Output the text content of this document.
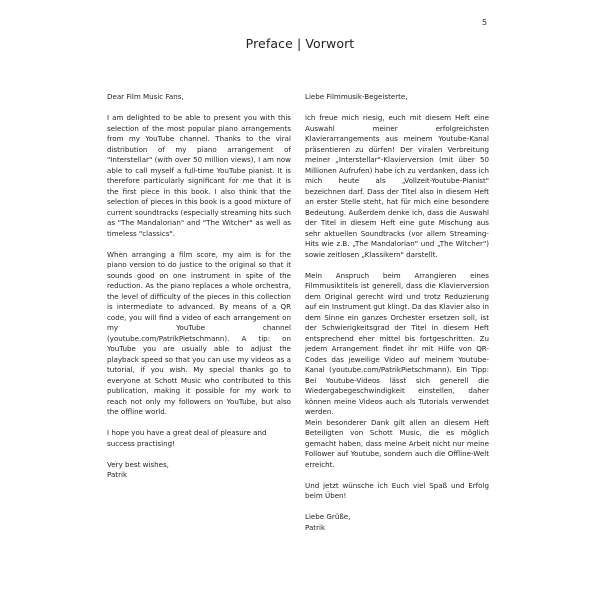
5
Preface | Vorwort

Dear Film Music Fans,

I am delighted to be able to present you with this selection of the most popular piano arrangements from my YouTube channel. Thanks to the viral distribution of my piano arrangement of "Interstellar" (with over 50 million views), I am now able to call myself a full-time YouTube pianist. It is therefore particularly significant for me that it is the first piece in this book. I also think that the selection of pieces in this book is a good mixture of current soundtracks (especially streaming hits such as "The Mandalorian" and "The Witcher" as well as timeless "classics".

When arranging a film score, my aim is for the piano version to do justice to the original so that it sounds good on one instrument in spite of the reduction. As the piano replaces a whole orchestra, the level of difficulty of the pieces in this collection is intermediate to advanced. By means of a QR code, you will find a video of each arrangement on my YouTube channel (youtube.com/PatrikPietschmann). A tip: on YouTube you are usually able to adjust the playback speed so that you can use my videos as a tutorial, if you wish. My special thanks go to everyone at Schott Music who contributed to this publication, making it possible for my work to reach not only my followers on YouTube, but also the offline world.

I hope you have a great deal of pleasure and success practising!

Very best wishes,

Patrik

Liebe Filmmusik-Begeisterte,

ich freue mich riesig, euch mit diesem Heft eine Auswahl meiner erfolgreichsten Klavierarrangements aus meinem Youtube-Kanal präsentieren zu dürfen! Der viralen Verbreitung meiner „Interstellar"-Klavierversion (mit über 50 Millionen Aufrufen) habe ich zu verdanken, dass ich mich heute als „Vollzeit-Youtube-Pianist" bezeichnen darf. Dass der Titel also in diesem Heft an erster Stelle steht, hat für mich eine besondere Bedeutung. Außerdem denke ich, dass die Auswahl der Titel in diesem Heft eine gute Mischung aus sehr aktuellen Soundtracks (vor allem Streaming-Hits wie z.B. „The Mandalorian" und „The Witcher") sowie zeitlosen „Klassikern" darstellt.

Mein Anspruch beim Arrangieren eines Filmmusiktitels ist generell, dass die Klavierversion dem Original gerecht wird und trotz Reduzierung auf ein Instrument gut klingt. Da das Klavier also in dem Sinne ein ganzes Orchester ersetzen soll, ist der Schwierigkeitsgrad der Titel in diesem Heft entsprechend eher mittel bis fortgeschritten. Zu jedem Arrangement findet ihr mit Hilfe von QR-Codes das jeweilige Video auf meinem Youtube-Kanal (youtube.com/PatrikPietschmann). Ein Tipp: Bei Youtube-Videos lässt sich generell die Wiedergabegeschwindigkeit einstellen, daher können meine Videos auch als Tutorials verwendet werden.

Mein besonderer Dank gilt allen an diesem Heft Beteiligten von Schott Music, die es möglich gemacht haben, dass meine Arbeit nicht nur meine Follower auf Youtube, sondern auch die Offline-Welt erreicht.

Und jetzt wünsche ich Euch viel Spaß und Erfolg beim Üben!

Liebe Grüße,

Patrik
